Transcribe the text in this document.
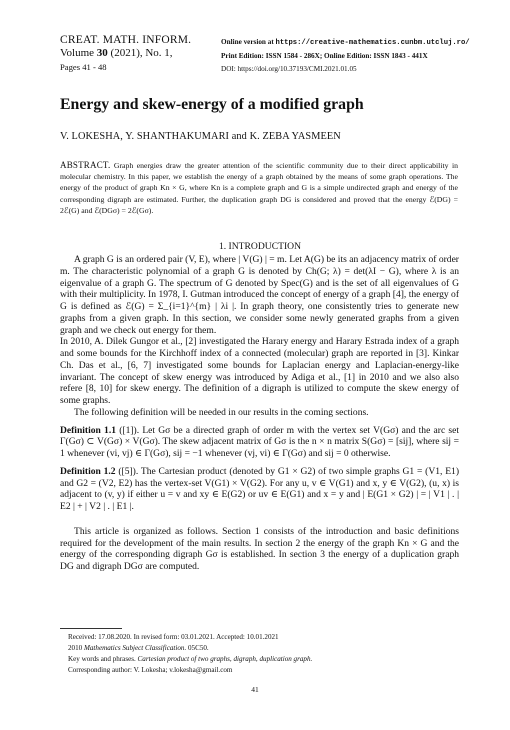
CREAT. MATH. INFORM.
Volume 30 (2021), No. 1,
Pages 41 - 48
Online version at https://creative-mathematics.cunbm.utcluj.ro/
Print Edition: ISSN 1584 - 286X; Online Edition: ISSN 1843 - 441X
DOI: https://doi.org/10.37193/CMI.2021.01.05
Energy and skew-energy of a modified graph
V. LOKESHA, Y. SHANTHAKUMARI and K. ZEBA YASMEEN
ABSTRACT. Graph energies draw the greater attention of the scientific community due to their direct applicability in molecular chemistry. In this paper, we establish the energy of a graph obtained by the means of some graph operations. The energy of the product of graph Kn × G, where Kn is a complete graph and G is a simple undirected graph and energy of the corresponding digraph are estimated. Further, the duplication graph DG is considered and proved that the energy ℰ(DG) = 2ℰ(G) and ℰ(DGσ) = 2ℰ(Gσ).
1. INTRODUCTION

A graph G is an ordered pair (V, E), where | V(G) | = m. Let A(G) be its an adjacency matrix of order m. The characteristic polynomial of a graph G is denoted by Ch(G; λ) = det(λI − G), where λ is an eigenvalue of a graph G. The spectrum of G denoted by Spec(G) and is the set of all eigenvalues of G with their multiplicity. In 1978, I. Gutman introduced the concept of energy of a graph [4], the energy of G is defined as ℰ(G) = Σ_{i=1}^{m} | λi |. In graph theory, one consistently tries to generate new graphs from a given graph. In this section, we consider some newly generated graphs from a given graph and we check out energy for them.

In 2010, A. Dilek Gungor et al., [2] investigated the Harary energy and Harary Estrada index of a graph and some bounds for the Kirchhoff index of a connected (molecular) graph are reported in [3]. Kinkar Ch. Das et al., [6, 7] investigated some bounds for Laplacian energy and Laplacian-energy-like invariant. The concept of skew energy was introduced by Adiga et al., [1] in 2010 and we also also refere [8, 10] for skew energy. The definition of a digraph is utilized to compute the skew energy of some graphs.

The following definition will be needed in our results in the coming sections.

Definition 1.1 ([1]). Let Gσ be a directed graph of order m with the vertex set V(Gσ) and the arc set Γ(Gσ) ⊂ V(Gσ) × V(Gσ). The skew adjacent matrix of Gσ is the n × n matrix S(Gσ) = [sij], where sij = 1 whenever (vi, vj) ∈ Γ(Gσ), sij = −1 whenever (vj, vi) ∈ Γ(Gσ) and sij = 0 otherwise.

Definition 1.2 ([5]). The Cartesian product (denoted by G1 × G2) of two simple graphs G1 = (V1, E1) and G2 = (V2, E2) has the vertex-set V(G1) × V(G2). For any u, v ∈ V(G1) and x, y ∈ V(G2), (u, x) is adjacent to (v, y) if either u = v and xy ∈ E(G2) or uv ∈ E(G1) and x = y and | E(G1 × G2) | = | V1 | . | E2 | + | V2 | . | E1 |.

This article is organized as follows. Section 1 consists of the introduction and basic definitions required for the development of the main results. In section 2 the energy of the graph Kn × G and the energy of the corresponding digraph Gσ is established. In section 3 the energy of a duplication graph DG and digraph DGσ are computed.

Received: 17.08.2020. In revised form: 03.01.2021. Accepted: 10.01.2021
2010 Mathematics Subject Classification. 05C50.
Key words and phrases. Cartesian product of two graphs, digraph, duplication graph.
Corresponding author: V. Lokesha; v.lokesha@gmail.com
41
